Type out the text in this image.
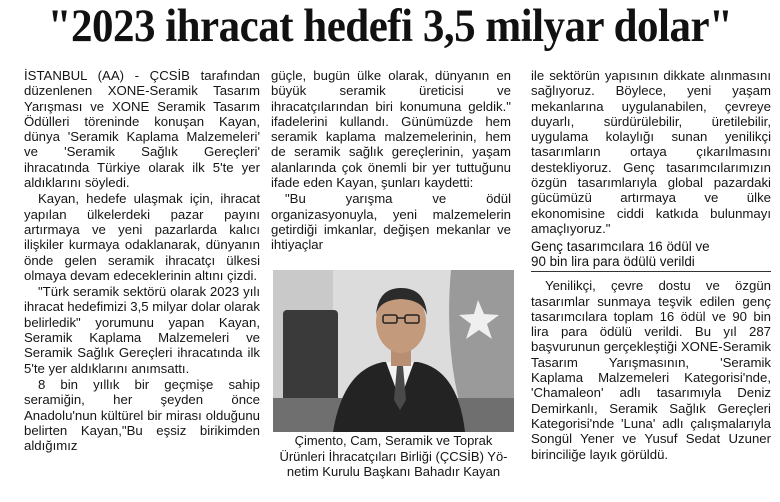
"2023 ihracat hedefi 3,5 milyar dolar"

İSTANBUL (AA) - ÇCSİB tarafından düzenlenen XONE-Seramik Tasarım Yarışması ve XONE Seramik Tasarım Ödülleri töreninde konuşan Kayan, dünya 'Seramik Kaplama Malzemeleri' ve 'Seramik Sağlık Gereçleri' ihracatında Türkiye olarak ilk 5'te yer aldıklarını söyledi.

Kayan, hedefe ulaşmak için, ihracat yapılan ülkelerdeki pazar payını artırmaya ve yeni pazarlarda kalıcı ilişkiler kurmaya odaklanarak, dünyanın önde gelen seramik ihracatçı ülkesi olmaya devam edeceklerinin altını çizdi.

"Türk seramik sektörü olarak 2023 yılı ihracat hedefimizi 3,5 milyar dolar olarak belirledik" yorumunu yapan Kayan, Seramik Kaplama Malzemeleri ve Seramik Sağlık Gereçleri ihracatında ilk 5'te yer aldıklarını anımsattı.

8 bin yıllık bir geçmişe sahip seramiğin, her şeyden önce Anadolu'nun kültürel bir mirası olduğunu belirten Kayan,"Bu eşsiz birikimden aldığımız

güçle, bugün ülke olarak, dünyanın en büyük seramik üreticisi ve ihracatçılarından biri konumuna geldik." ifadelerini kullandı. Günümüzde hem seramik kaplama malzemelerinin, hem de seramik sağlık gereçlerinin, yaşam alanlarında çok önemli bir yer tuttuğunu ifade eden Kayan, şunları kaydetti:

"Bu yarışma ve ödül organizasyonuyla, yeni malzemelerin getirdiği imkanlar, değişen mekanlar ve ihtiyaçlar

Çimento, Cam, Seramik ve Toprak
Ürünleri İhracatçıları Birliği (ÇCSİB) Yö-
netim Kurulu Başkanı Bahadır Kayan

ile sektörün yapısının dikkate alınmasını sağlıyoruz. Böylece, yeni yaşam mekanlarına uygulanabilen, çevreye duyarlı, sürdürülebilir, üretilebilir, uygulama kolaylığı sunan yenilikçi tasarımların ortaya çıkarılmasını destekliyoruz. Genç tasarımcılarımızın özgün tasarımlarıyla global pazardaki gücümüzü artırmaya ve ülke ekonomisine ciddi katkıda bulunmayı amaçlıyoruz."

Genç tasarımcılara 16 ödül ve
90 bin lira para ödülü verildi

Yenilikçi, çevre dostu ve özgün tasarımlar sunmaya teşvik edilen genç tasarımcılara toplam 16 ödül ve 90 bin lira para ödülü verildi. Bu yıl 287 başvurunun gerçekleştiği XONE-Seramik Tasarım Yarışmasının, 'Seramik Kaplama Malzemeleri Kategorisi'nde, 'Chamaleon' adlı tasarımıyla Deniz Demirkanlı, Seramik Sağlık Gereçleri Kategorisi'nde 'Luna' adlı çalışmalarıyla Songül Yener ve Yusuf Sedat Uzuner birinciliğe layık görüldü.
